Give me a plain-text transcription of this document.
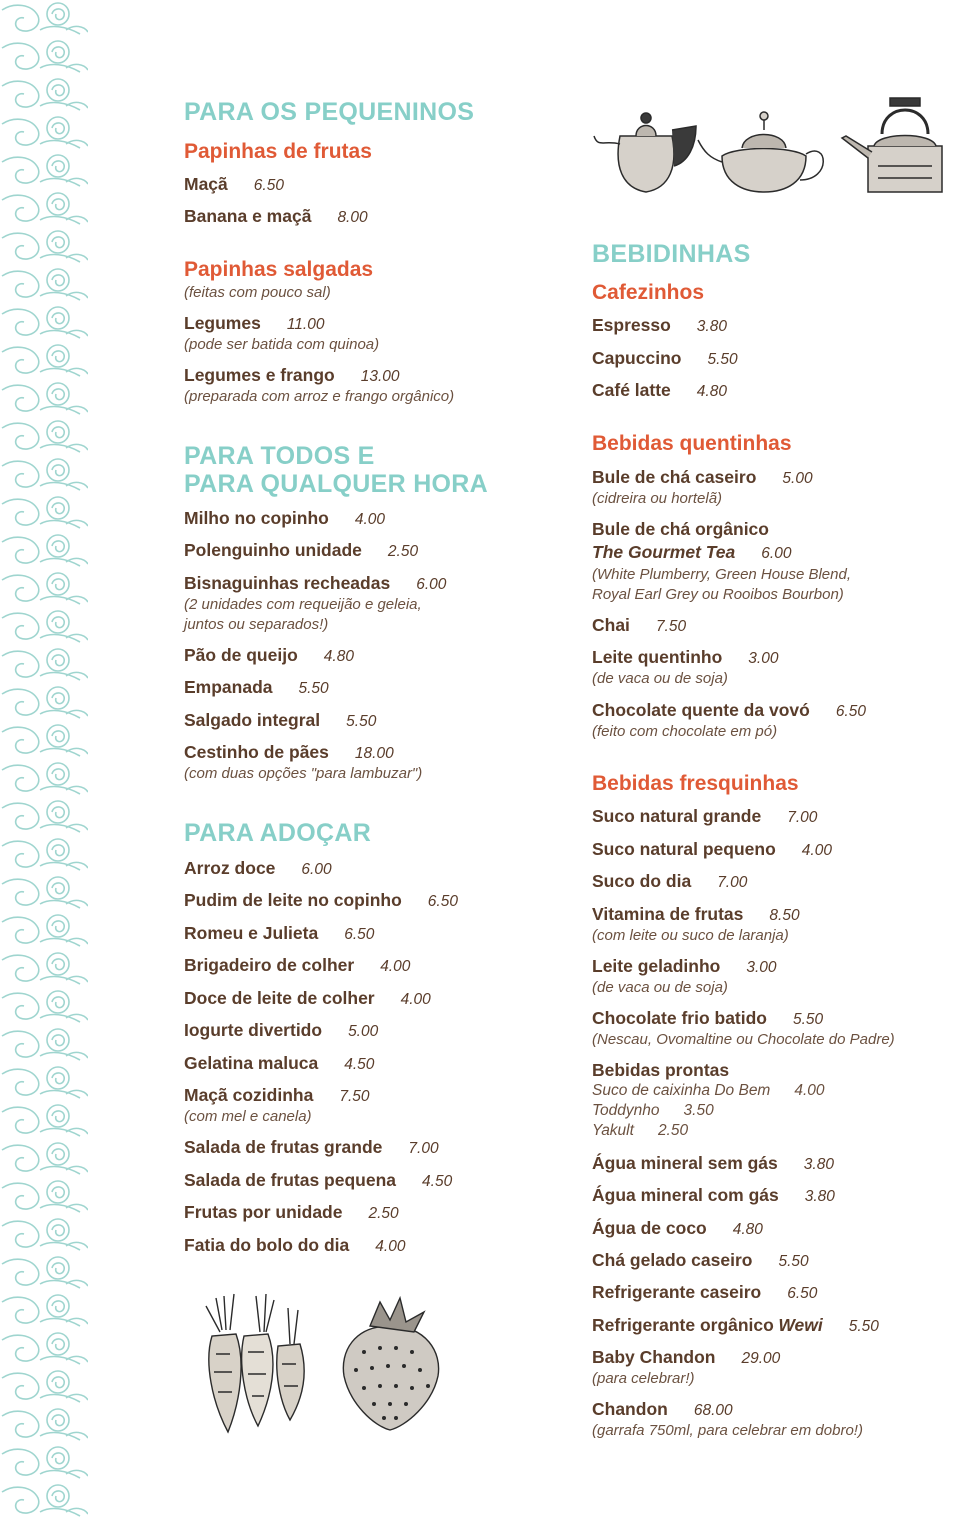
PARA OS PEQUENINOS
Papinhas de frutas
Maçã 6.50
Banana e maçã 8.00
Papinhas salgadas
(feitas com pouco sal)
Legumes 11.00
(pode ser batida com quinoa)
Legumes e frango 13.00
(preparada com arroz e frango orgânico)
PARA TODOS E
PARA QUALQUER HORA
Milho no copinho 4.00
Polenguinho unidade 2.50
Bisnaguinhas recheadas 6.00
(2 unidades com requeijão e geleia,
juntos ou separados!)
Pão de queijo 4.80
Empanada 5.50
Salgado integral 5.50
Cestinho de pães 18.00
(com duas opções "para lambuzar")
PARA ADOÇAR
Arroz doce 6.00
Pudim de leite no copinho 6.50
Romeu e Julieta 6.50
Brigadeiro de colher 4.00
Doce de leite de colher 4.00
Iogurte divertido 5.00
Gelatina maluca 4.50
Maçã cozidinha 7.50
(com mel e canela)
Salada de frutas grande 7.00
Salada de frutas pequena 4.50
Frutas por unidade 2.50
Fatia do bolo do dia 4.00
BEBIDINHAS
Cafezinhos
Espresso 3.80
Capuccino 5.50
Café latte 4.80
Bebidas quentinhas
Bule de chá caseiro 5.00
(cidreira ou hortelã)
Bule de chá orgânico
The Gourmet Tea 6.00
(White Plumberry, Green House Blend,
Royal Earl Grey ou Rooibos Bourbon)
Chai 7.50
Leite quentinho 3.00
(de vaca ou de soja)
Chocolate quente da vovó 6.50
(feito com chocolate em pó)
Bebidas fresquinhas
Suco natural grande 7.00
Suco natural pequeno 4.00
Suco do dia 7.00
Vitamina de frutas 8.50
(com leite ou suco de laranja)
Leite geladinho 3.00
(de vaca ou de soja)
Chocolate frio batido 5.50
(Nescau, Ovomaltine ou Chocolate do Padre)
Bebidas prontas
Suco de caixinha Do Bem 4.00
Toddynho 3.50
Yakult 2.50
Água mineral sem gás 3.80
Água mineral com gás 3.80
Água de coco 4.80
Chá gelado caseiro 5.50
Refrigerante caseiro 6.50
Refrigerante orgânico Wewi 5.50
Baby Chandon 29.00
(para celebrar!)
Chandon 68.00
(garrafa 750ml, para celebrar em dobro!)
